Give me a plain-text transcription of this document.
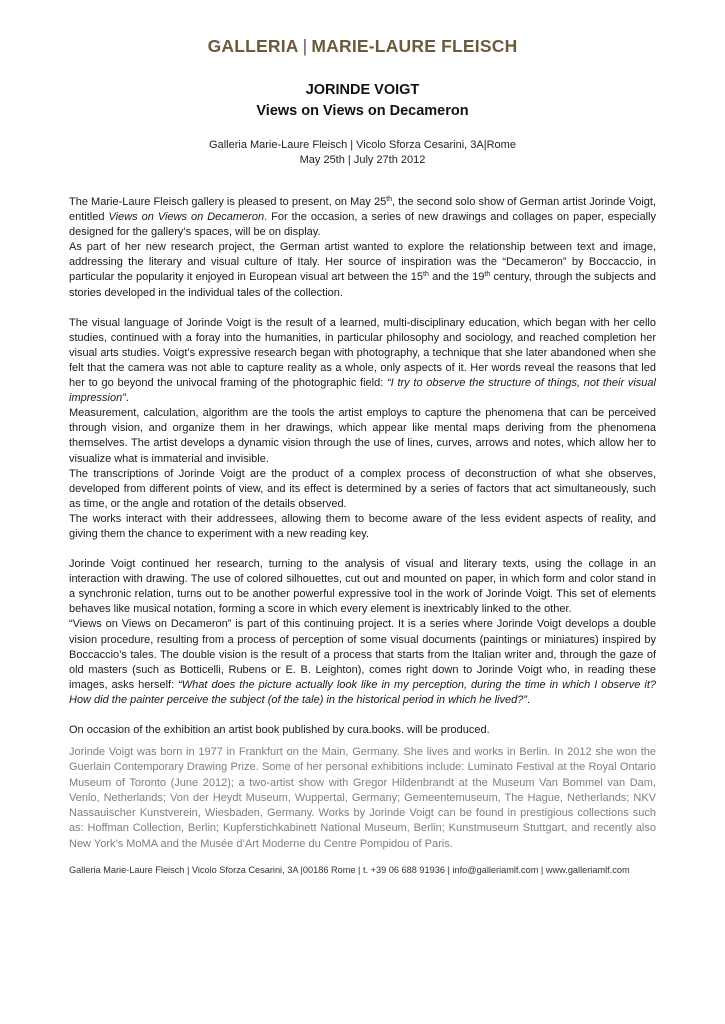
GALLERIA | MARIE-LAURE FLEISCH
JORINDE VOIGT
Views on Views on Decameron
Galleria Marie-Laure Fleisch | Vicolo Sforza Cesarini, 3A|Rome
May 25th | July 27th 2012

The Marie-Laure Fleisch gallery is pleased to present, on May 25th, the second solo show of German artist Jorinde Voigt, entitled Views on Views on Decameron. For the occasion, a series of new drawings and collages on paper, especially designed for the gallery’s spaces, will be on display.

As part of her new research project, the German artist wanted to explore the relationship between text and image, addressing the literary and visual culture of Italy. Her source of inspiration was the “Decameron” by Boccaccio, in particular the popularity it enjoyed in European visual art between the 15th and the 19th century, through the subjects and stories developed in the individual tales of the collection.

The visual language of Jorinde Voigt is the result of a learned, multi-disciplinary education, which began with her cello studies, continued with a foray into the humanities, in particular philosophy and sociology, and reached completion her visual arts studies. Voigt’s expressive research began with photography, a technique that she later abandoned when she felt that the camera was not able to capture reality as a whole, only aspects of it. Her words reveal the reasons that led her to go beyond the univocal framing of the photographic field: “I try to observe the structure of things, not their visual impression”.

Measurement, calculation, algorithm are the tools the artist employs to capture the phenomena that can be perceived through vision, and organize them in her drawings, which appear like mental maps deriving from the phenomena themselves. The artist develops a dynamic vision through the use of lines, curves, arrows and notes, which allow her to visualize what is immaterial and invisible.

The transcriptions of Jorinde Voigt are the product of a complex process of deconstruction of what she observes, developed from different points of view, and its effect is determined by a series of factors that act simultaneously, such as time, or the angle and rotation of the details observed.

The works interact with their addressees, allowing them to become aware of the less evident aspects of reality, and giving them the chance to experiment with a new reading key.

Jorinde Voigt continued her research, turning to the analysis of visual and literary texts, using the collage in an interaction with drawing. The use of colored silhouettes, cut out and mounted on paper, in which form and color stand in a synchronic relation, turns out to be another powerful expressive tool in the work of Jorinde Voigt. This set of elements behaves like musical notation, forming a score in which every element is inextricably linked to the other.

“Views on Views on Decameron” is part of this continuing project. It is a series where Jorinde Voigt develops a double vision procedure, resulting from a process of perception of some visual documents (paintings or miniatures) inspired by Boccaccio’s tales. The double vision is the result of a process that starts from the Italian writer and, through the gaze of old masters (such as Botticelli, Rubens or E. B. Leighton), comes right down to Jorinde Voigt who, in reading these images, asks herself: “What does the picture actually look like in my perception, during the time in which I observe it? How did the painter perceive the subject (of the tale) in the historical period in which he lived?”.

On occasion of the exhibition an artist book published by cura.books. will be produced.

Jorinde Voigt was born in 1977 in Frankfurt on the Main, Germany. She lives and works in Berlin. In 2012 she won the Guerlain Contemporary Drawing Prize. Some of her personal exhibitions include: Luminato Festival at the Royal Ontario Museum of Toronto (June 2012); a two-artist show with Gregor Hildenbrandt at the Museum Van Bommel van Dam, Venlo, Netherlands; Von der Heydt Museum, Wuppertal, Germany; Gemeentemuseum, The Hague, Netherlands; NKV Nassauischer Kunstverein, Wiesbaden, Germany. Works by Jorinde Voigt can be found in prestigious collections such as: Hoffman Collection, Berlin; Kupferstichkabinett National Museum, Berlin; Kunstmuseum Stuttgart, and recently also New York’s MoMA and the Musée d’Art Moderne du Centre Pompidou of Paris.
Galleria Marie-Laure Fleisch | Vicolo Sforza Cesarini, 3A |00186 Rome | t. +39 06 688 91936 | info@galleriamlf.com | www.galleriamlf.com
